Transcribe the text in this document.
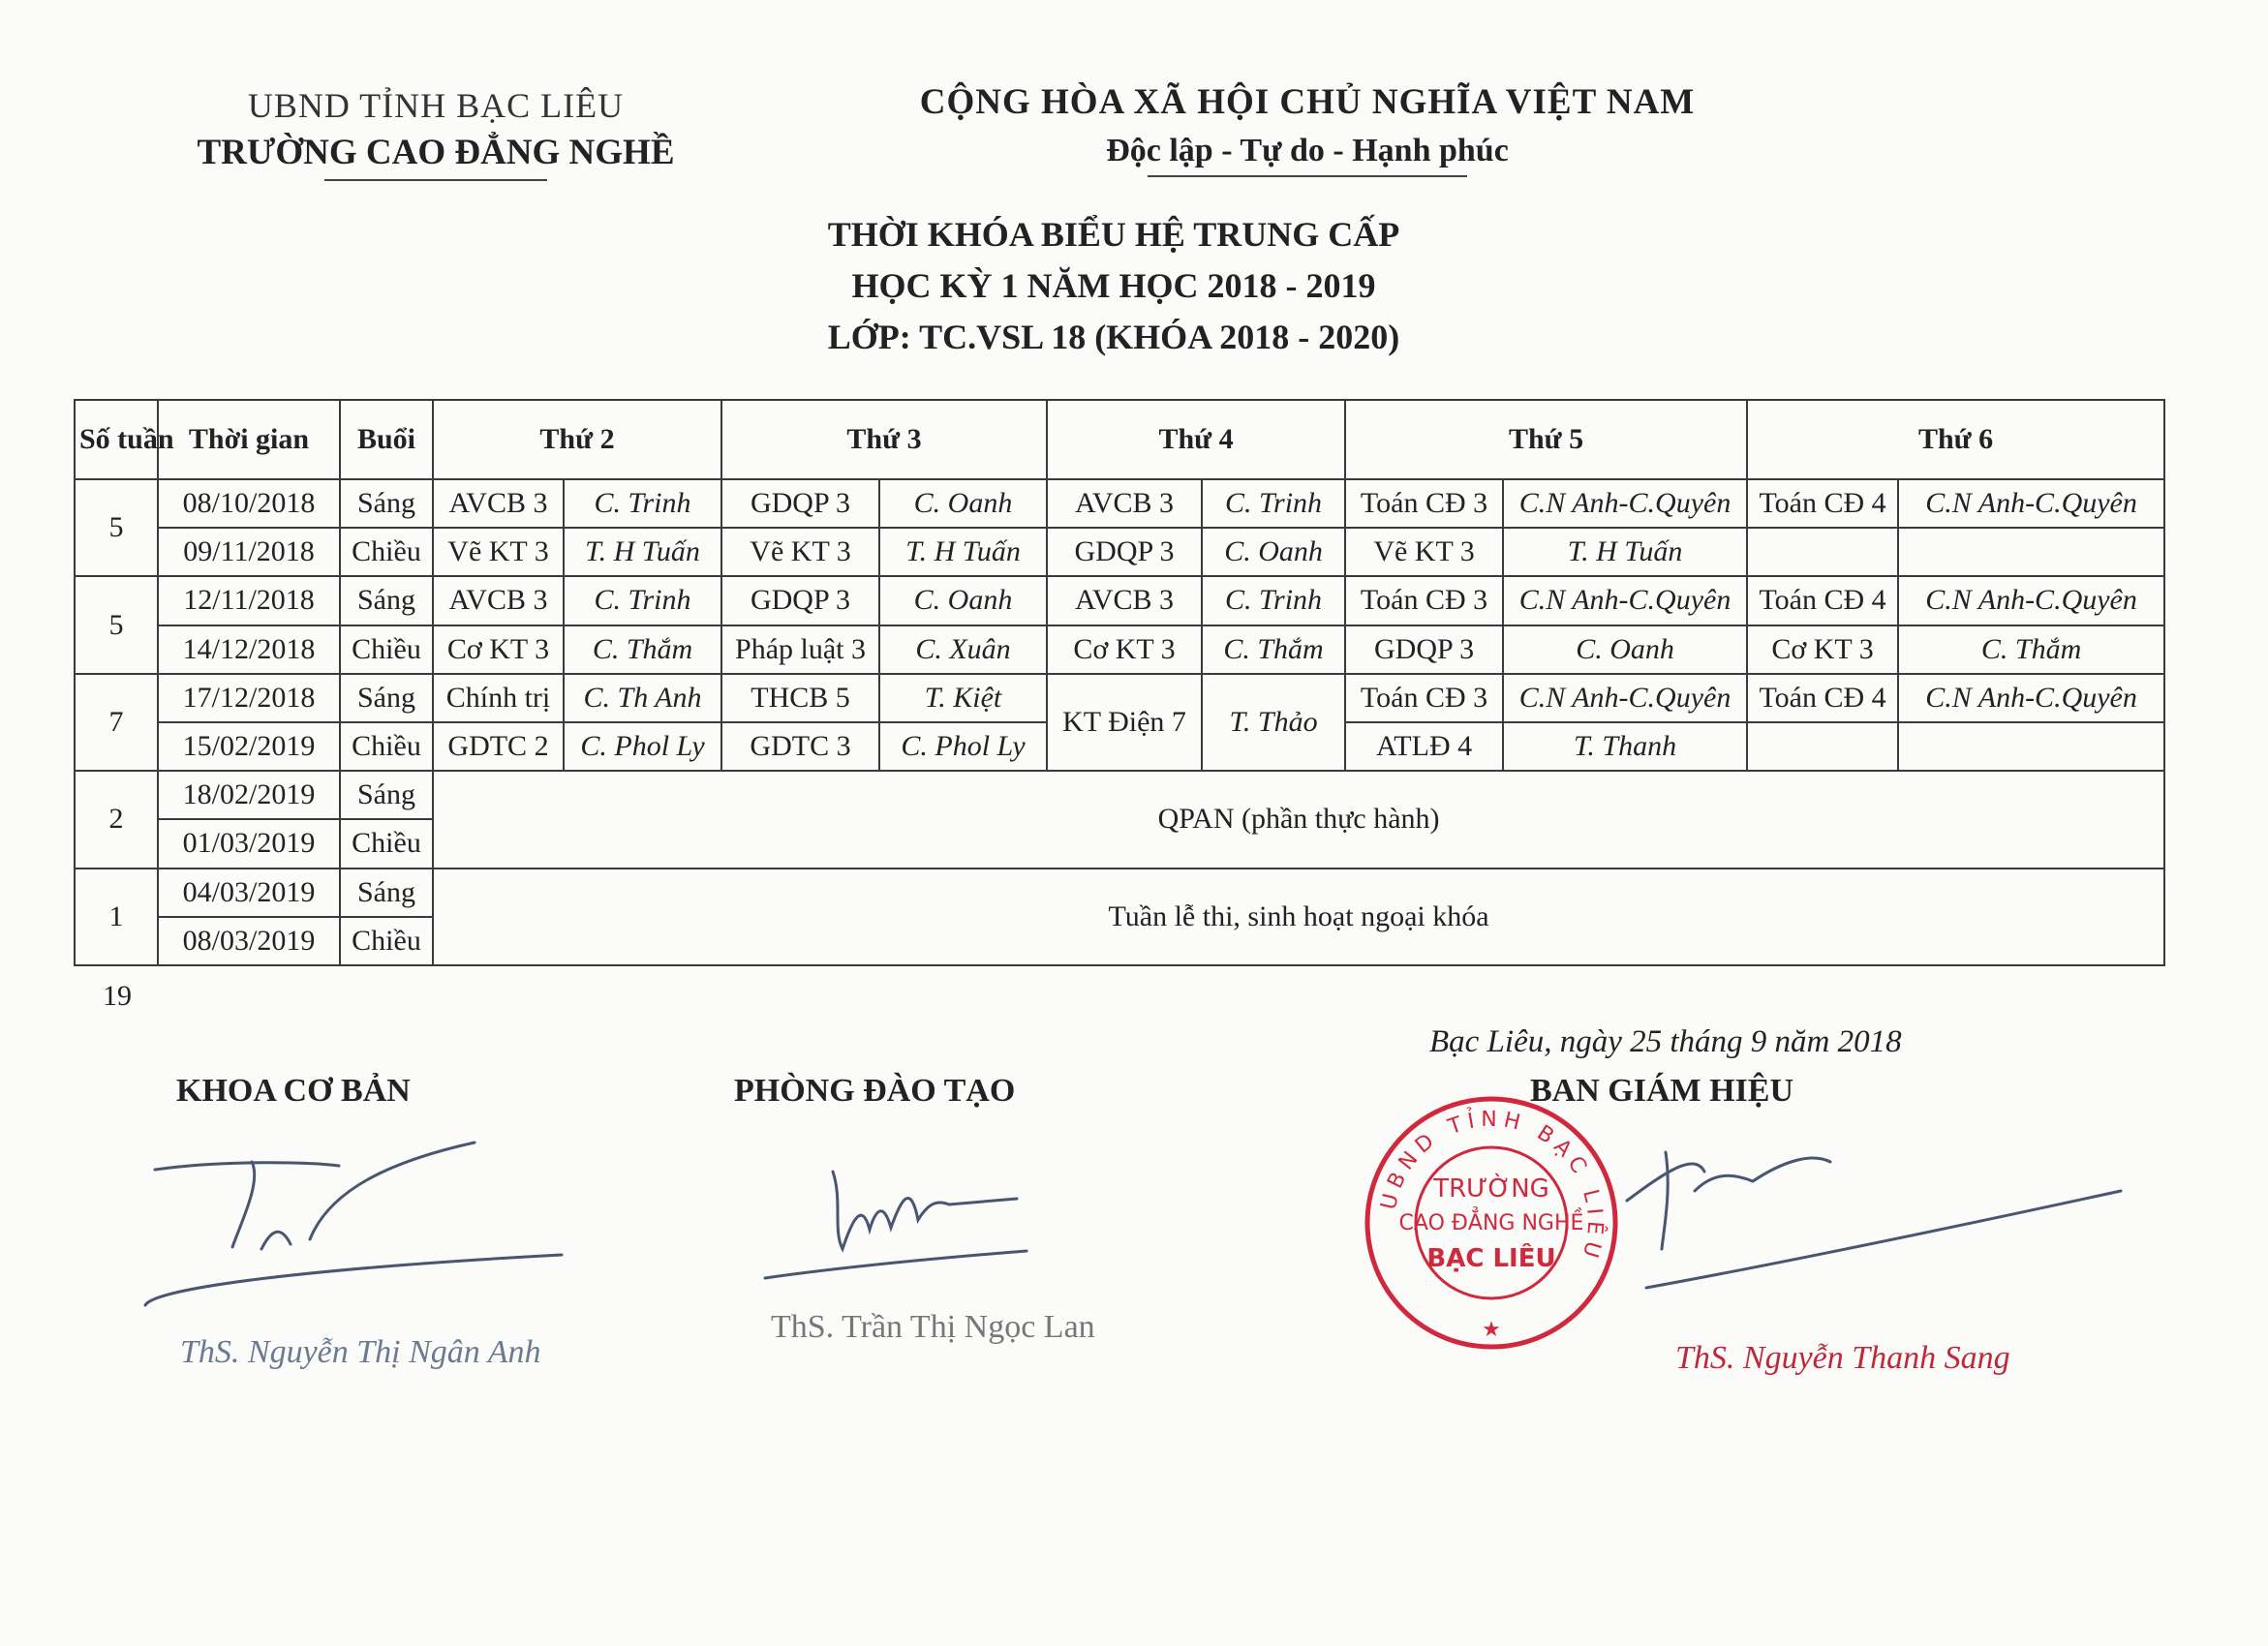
UBND TỈNH BẠC LIÊU
TRƯỜNG CAO ĐẲNG NGHỀ
CỘNG HÒA XÃ HỘI CHỦ NGHĨA VIỆT NAM
Độc lập - Tự do - Hạnh phúc
THỜI KHÓA BIỂU HỆ TRUNG CẤP
HỌC KỲ 1 NĂM HỌC 2018 - 2019
LỚP: TC.VSL 18 (KHÓA 2018 - 2020)
Số tuần	Thời gian	Buổi	Thứ 2		Thứ 3		Thứ 4		Thứ 5		Thứ 6	
5	08/10/2018	Sáng	AVCB 3	C. Trinh	GDQP 3	C. Oanh	AVCB 3	C. Trinh	Toán CĐ 3	C.N Anh-C.Quyên	Toán CĐ 4	C.N Anh-C.Quyên
	09/11/2018	Chiều	Vẽ KT 3	T. H Tuấn	Vẽ KT 3	T. H Tuấn	GDQP 3	C. Oanh	Vẽ KT 3	T. H Tuấn		
5	12/11/2018	Sáng	AVCB 3	C. Trinh	GDQP 3	C. Oanh	AVCB 3	C. Trinh	Toán CĐ 3	C.N Anh-C.Quyên	Toán CĐ 4	C.N Anh-C.Quyên
	14/12/2018	Chiều	Cơ KT 3	C. Thắm	Pháp luật 3	C. Xuân	Cơ KT 3	C. Thắm	GDQP 3	C. Oanh	Cơ KT 3	C. Thắm
7	17/12/2018	Sáng	Chính trị	C. Th Anh	THCB 5	T. Kiệt	KT Điện 7	T. Thảo	Toán CĐ 3	C.N Anh-C.Quyên	Toán CĐ 4	C.N Anh-C.Quyên
	15/02/2019	Chiều	GDTC 2	C. Phol Ly	GDTC 3	C. Phol Ly			ATLĐ 4	T. Thanh		
2	18/02/2019	Sáng	QPAN (phần thực hành)									
	01/03/2019	Chiều										
1	04/03/2019	Sáng	Tuần lễ thi, sinh hoạt ngoại khóa									
	08/03/2019	Chiều										
19
Bạc Liêu, ngày 25 tháng 9 năm 2018
KHOA CƠ BẢN	PHÒNG ĐÀO TẠO	BAN GIÁM HIỆU
UBND TỈNH BẠC LIÊU
TRƯỜNG
CAO ĐẲNG NGHỀ
BẠC LIÊU
★
ThS. Nguyễn Thị Ngân Anh
ThS. Trần Thị Ngọc Lan
ThS. Nguyễn Thanh Sang
